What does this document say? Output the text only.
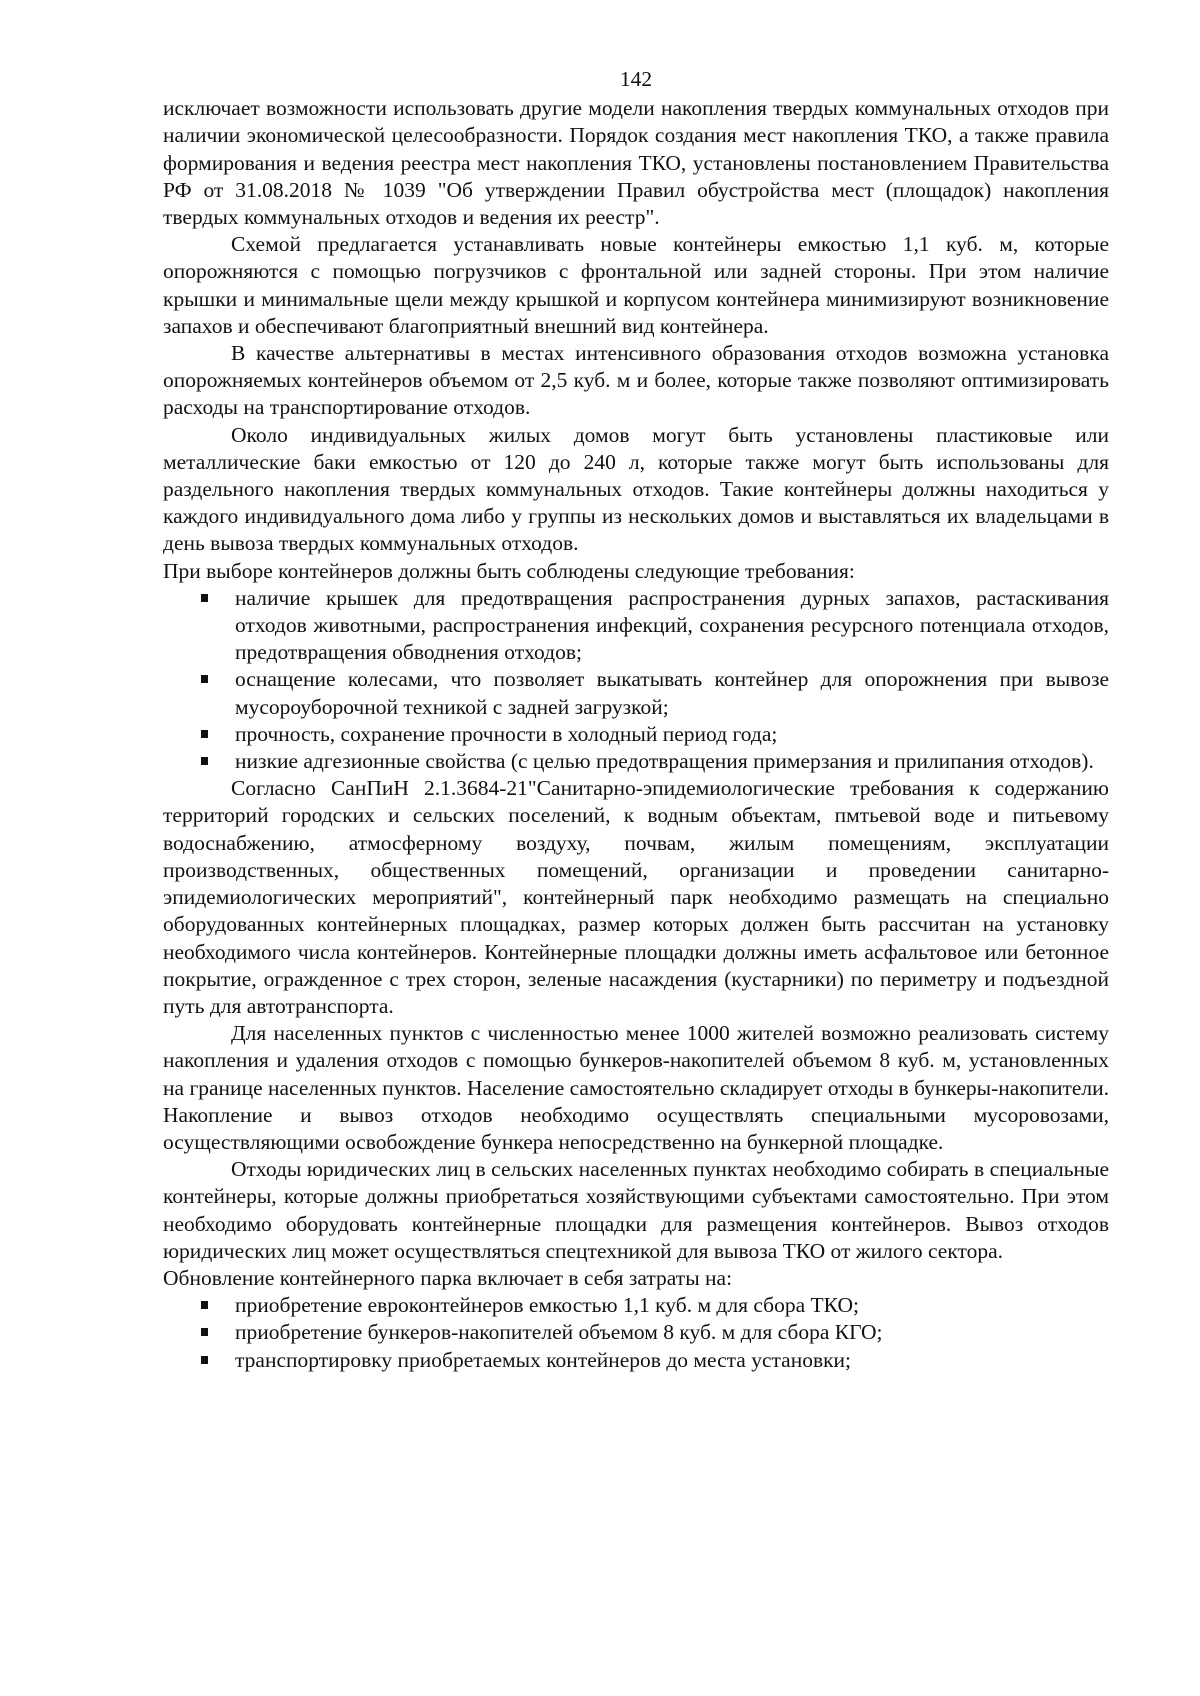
142

исключает возможности использовать другие модели накопления твердых коммунальных отходов при наличии экономической целесообразности. Порядок создания мест накопления ТКО, а также правила формирования и ведения реестра мест накопления ТКО, установлены постановлением Правительства РФ от 31.08.2018 № 1039 "Об утверждении Правил обустройства мест (площадок) накопления твердых коммунальных отходов и ведения их реестр".

Схемой предлагается устанавливать новые контейнеры емкостью 1,1 куб. м, которые опорожняются с помощью погрузчиков с фронтальной или задней стороны. При этом наличие крышки и минимальные щели между крышкой и корпусом контейнера минимизируют возникновение запахов и обеспечивают благоприятный внешний вид контейнера.

В качестве альтернативы в местах интенсивного образования отходов возможна установка опорожняемых контейнеров объемом от 2,5 куб. м и более, которые также позволяют оптимизировать расходы на транспортирование отходов.

Около индивидуальных жилых домов могут быть установлены пластиковые или металлические баки емкостью от 120 до 240 л, которые также могут быть использованы для раздельного накопления твердых коммунальных отходов. Такие контейнеры должны находиться у каждого индивидуального дома либо у группы из нескольких домов и выставляться их владельцами в день вывоза твердых коммунальных отходов.

При выборе контейнеров должны быть соблюдены следующие требования:

наличие крышек для предотвращения распространения дурных запахов, растаскивания отходов животными, распространения инфекций, сохранения ресурсного потенциала отходов, предотвращения обводнения отходов;
оснащение колесами, что позволяет выкатывать контейнер для опорожнения при вывозе мусороуборочной техникой с задней загрузкой;
прочность, сохранение прочности в холодный период года;
низкие адгезионные свойства (с целью предотвращения примерзания и прилипания отходов).

Согласно СанПиН 2.1.3684-21"Санитарно-эпидемиологические требования к содержанию территорий городских и сельских поселений, к водным объектам, пмтьевой воде и питьевому водоснабжению, атмосферному воздуху, почвам, жилым помещениям, эксплуатации производственных, общественных помещений, организации и проведении санитарно-эпидемиологических мероприятий", контейнерный парк необходимо размещать на специально оборудованных контейнерных площадках, размер которых должен быть рассчитан на установку необходимого числа контейнеров. Контейнерные площадки должны иметь асфальтовое или бетонное покрытие, огражденное с трех сторон, зеленые насаждения (кустарники) по периметру и подъездной путь для автотранспорта.

Для населенных пунктов с численностью менее 1000 жителей возможно реализовать систему накопления и удаления отходов с помощью бункеров-накопителей объемом 8 куб. м, установленных на границе населенных пунктов. Население самостоятельно складирует отходы в бункеры-накопители. Накопление и вывоз отходов необходимо осуществлять специальными мусоровозами, осуществляющими освобождение бункера непосредственно на бункерной площадке.

Отходы юридических лиц в сельских населенных пунктах необходимо собирать в специальные контейнеры, которые должны приобретаться хозяйствующими субъектами самостоятельно. При этом необходимо оборудовать контейнерные площадки для размещения контейнеров. Вывоз отходов юридических лиц может осуществляться спецтехникой для вывоза ТКО от жилого сектора.

Обновление контейнерного парка включает в себя затраты на:

приобретение евроконтейнеров емкостью 1,1 куб. м для сбора ТКО;
приобретение бункеров-накопителей объемом 8 куб. м для сбора КГО;
транспортировку приобретаемых контейнеров до места установки;
